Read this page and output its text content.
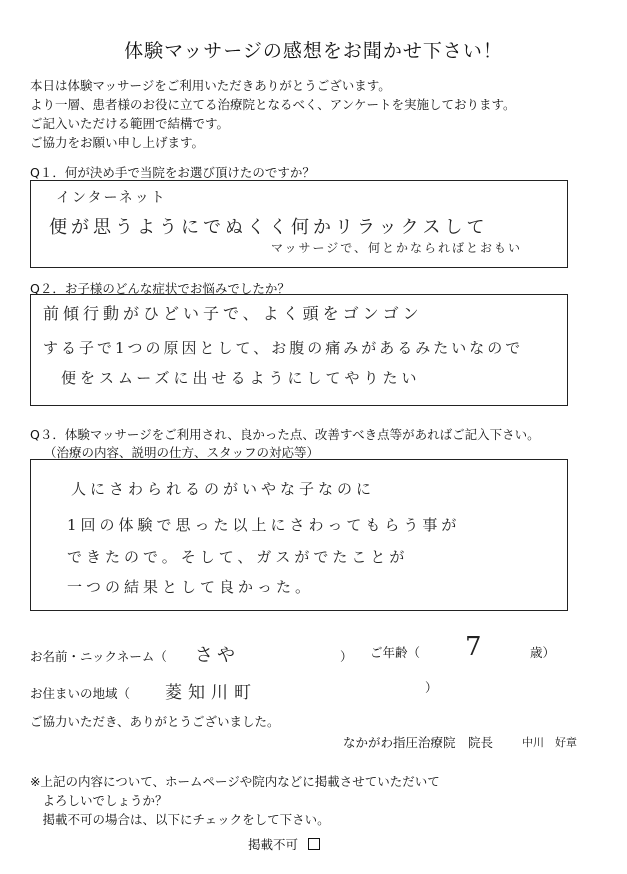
体験マッサージの感想をお聞かせ下さい！
本日は体験マッサージをご利用いただきありがとうございます。
より一層、患者様のお役に立てる治療院となるべく、アンケートを実施しております。
ご記入いただける範囲で結構です。
ご協力をお願い申し上げます。
Q１．何が決め手で当院をお選び頂けたのですか？
インターネット
便が思うようにでぬくく何かリラックスして
マッサージで、何とかならればとおもい
Q２．お子様のどんな症状でお悩みでしたか？
前傾行動がひどい子で、よく頭をゴンゴン
する子で1つの原因として、お腹の痛みがあるみたいなので
便をスムーズに出せるようにしてやりたい
Q３．体験マッサージをご利用され、良かった点、改善すべき点等があればご記入下さい。
（治療の内容、説明の仕方、スタッフの対応等）
人にさわられるのがいやな子なのに
1回の体験で思った以上にさわってもらう事が
できたので。そして、ガスがでたことが
一つの結果として良かった。
お名前・ニックネーム（ さや	） ご年齢（ 7	歳）
お住まいの地域（ 菱知川町	）
ご協力いただき、ありがとうございました。
なかがわ指圧治療院　院長	中川　好章
※上記の内容について、ホームページや院内などに掲載させていただいて
　よろしいでしょうか？
　掲載不可の場合は、以下にチェックをして下さい。
掲載不可
